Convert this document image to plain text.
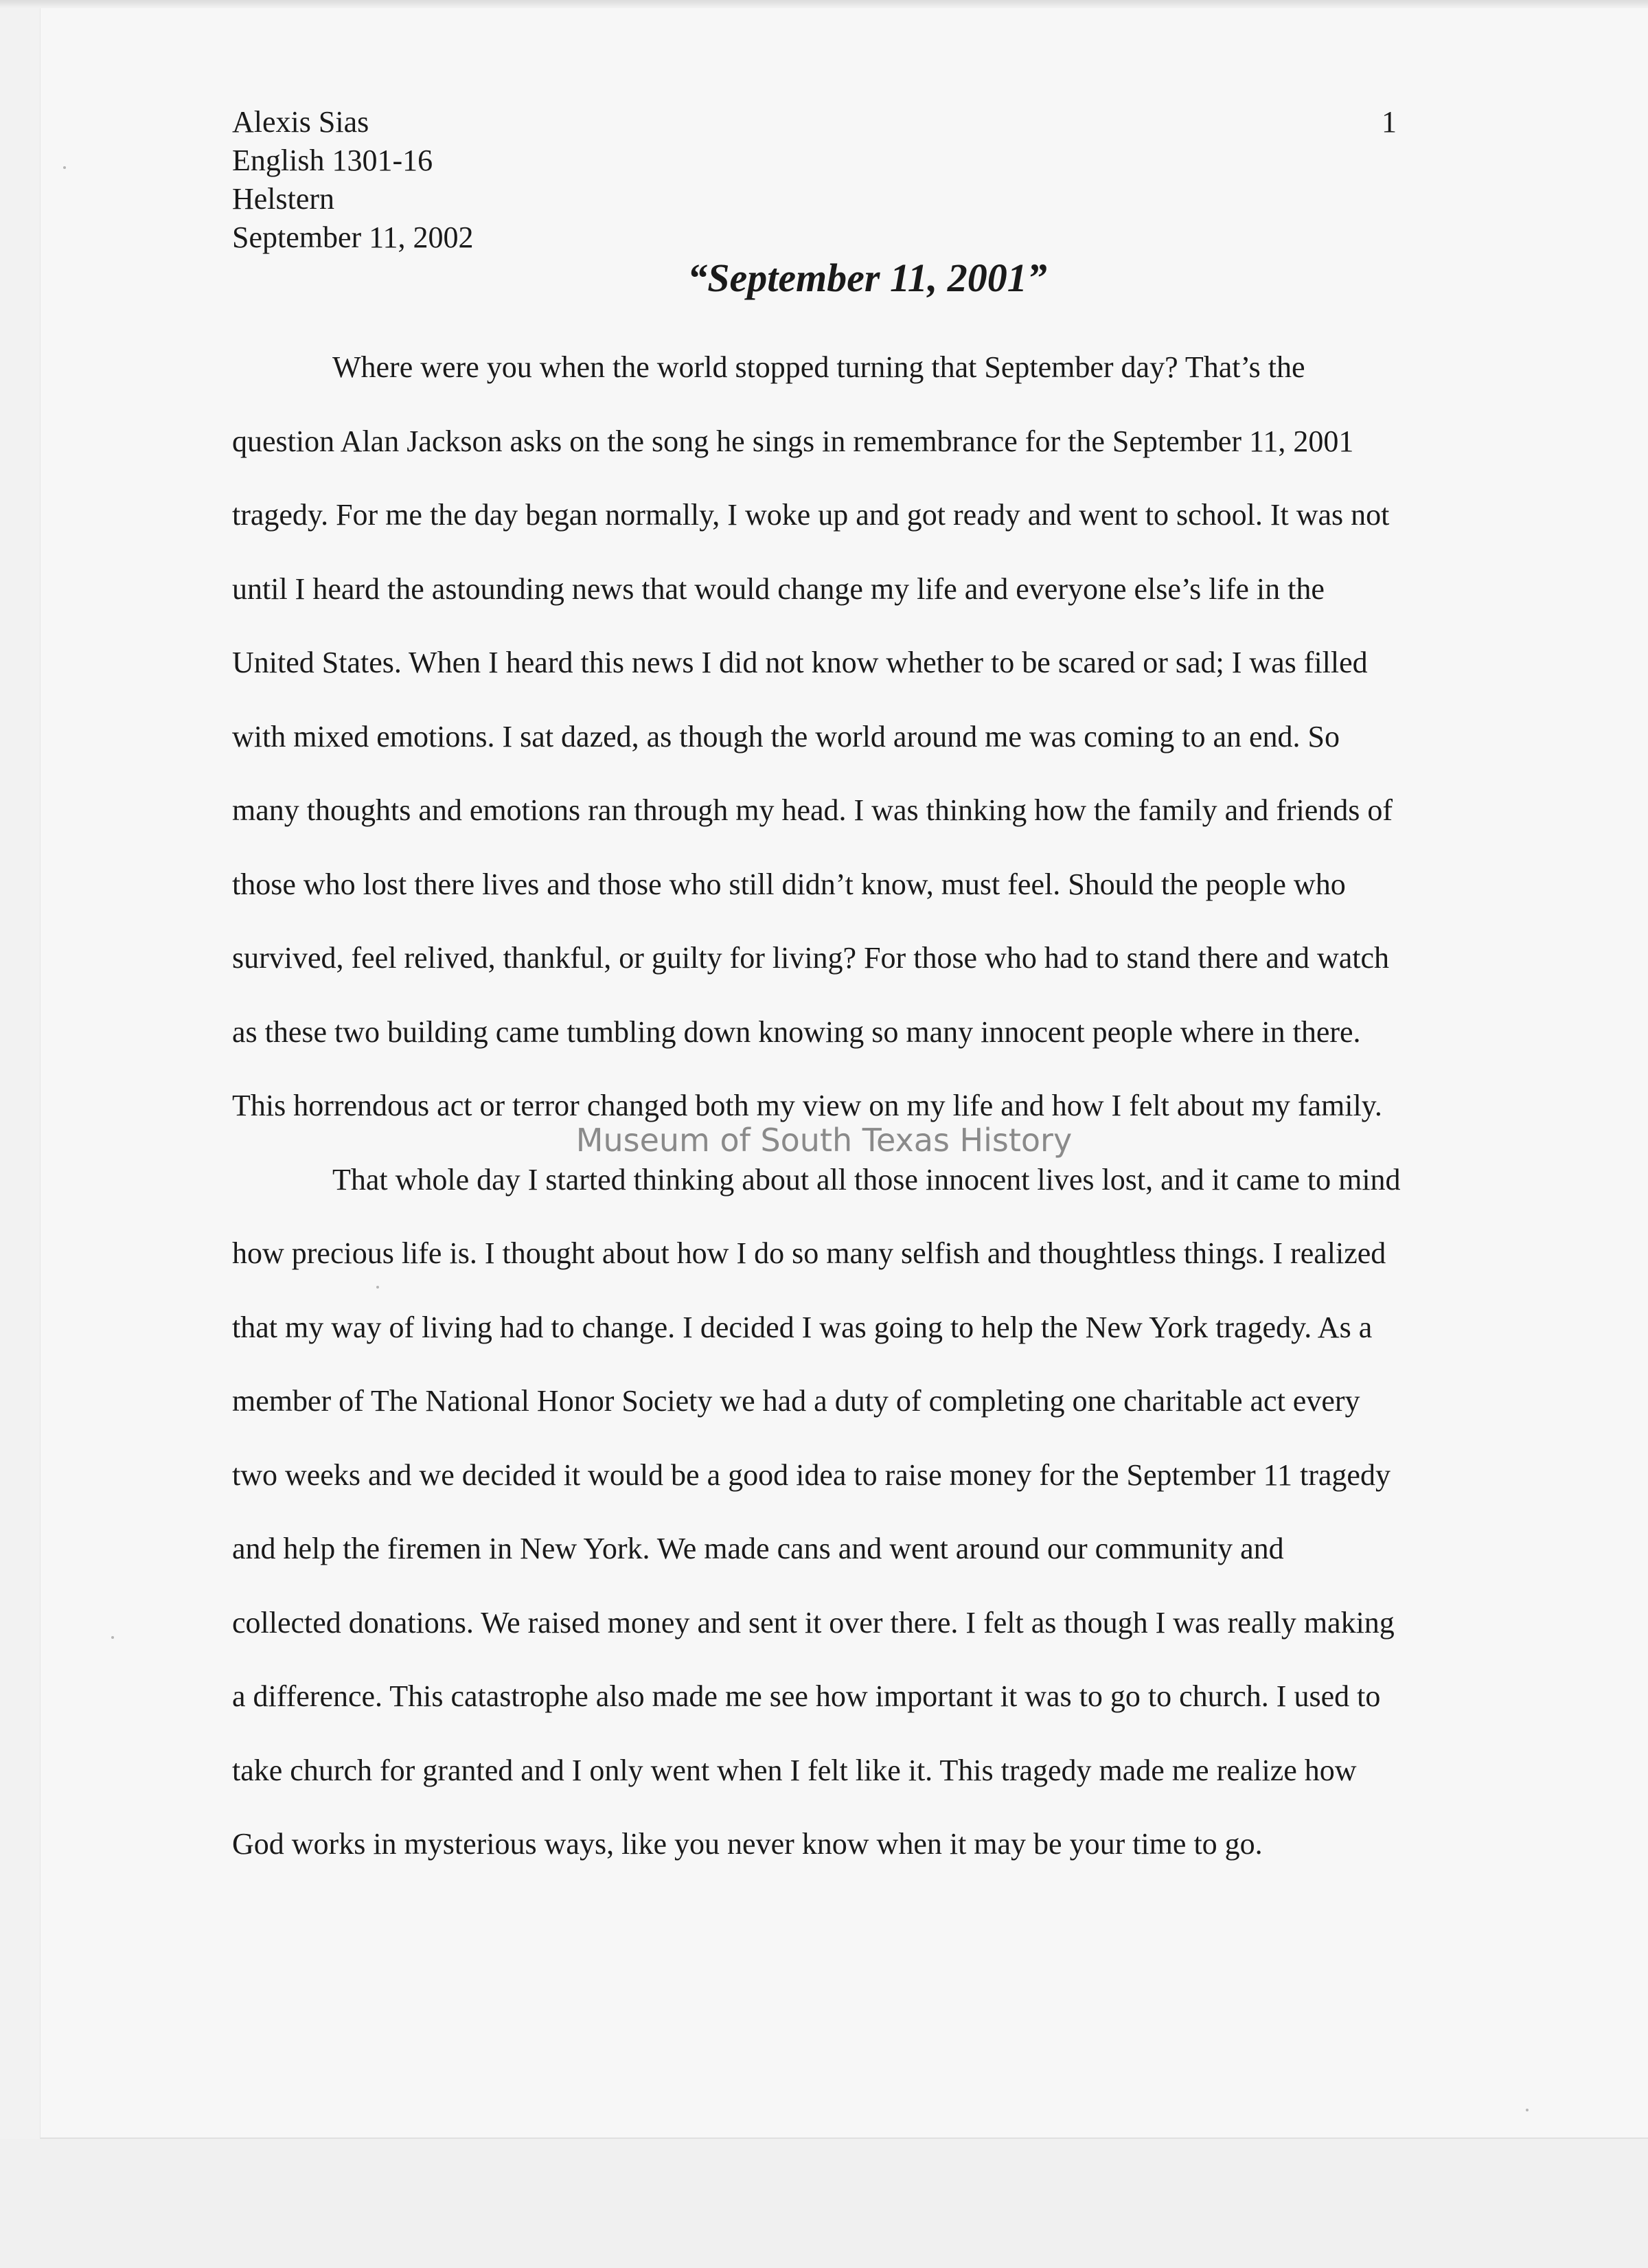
Alexis Sias
English 1301-16
Helstern
September 11, 2002
1
“September 11, 2001”
Where were you when the world stopped turning that September day? That’s the
question Alan Jackson asks on the song he sings in remembrance for the September 11, 2001
tragedy. For me the day began normally, I woke up and got ready and went to school. It was not
until I heard the astounding news that would change my life and everyone else’s life in the
United States. When I heard this news I did not know whether to be scared or sad; I was filled
with mixed emotions. I sat dazed, as though the world around me was coming to an end. So
many thoughts and emotions ran through my head. I was thinking how the family and friends of
those who lost there lives and those who still didn’t know, must feel. Should the people who
survived, feel relived, thankful, or guilty for living? For those who had to stand there and watch
as these two building came tumbling down knowing so many innocent people where in there.
This horrendous act or terror changed both my view on my life and how I felt about my family.
That whole day I started thinking about all those innocent lives lost, and it came to mind
how precious life is. I thought about how I do so many selfish and thoughtless things. I realized
that my way of living had to change. I decided I was going to help the New York tragedy. As a
member of The National Honor Society we had a duty of completing one charitable act every
two weeks and we decided it would be a good idea to raise money for the September 11 tragedy
and help the firemen in New York. We made cans and went around our community and
collected donations. We raised money and sent it over there. I felt as though I was really making
a difference. This catastrophe also made me see how important it was to go to church. I used to
take church for granted and I only went when I felt like it. This tragedy made me realize how
God works in mysterious ways, like you never know when it may be your time to go.
Museum of South Texas History
